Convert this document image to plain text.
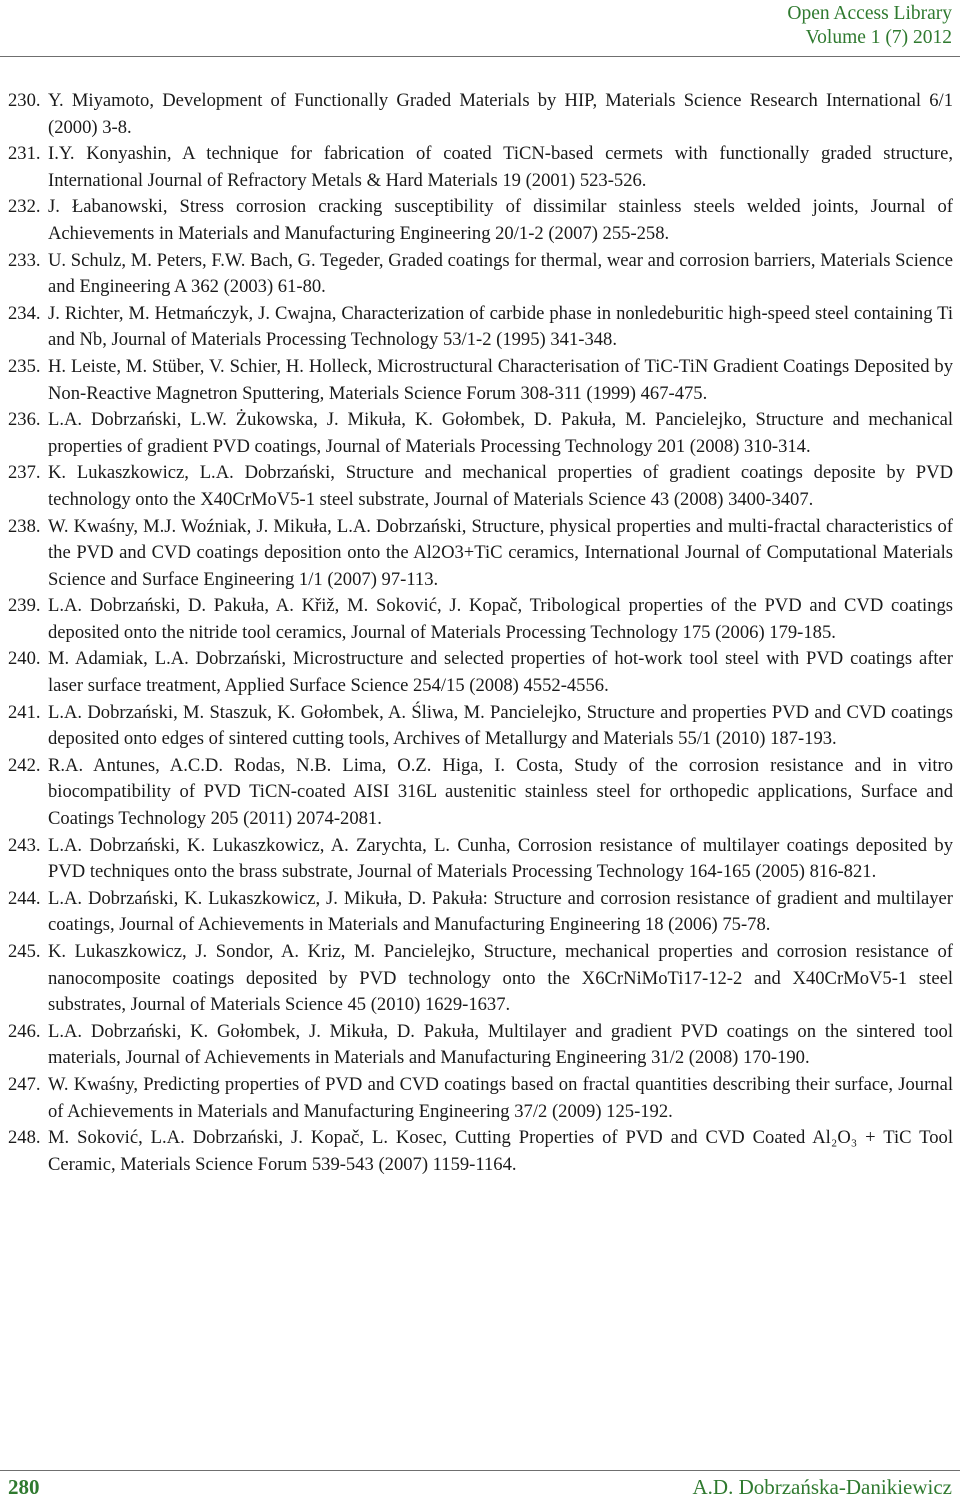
Open Access Library
Volume 1 (7) 2012
230. Y. Miyamoto, Development of Functionally Graded Materials by HIP, Materials Science Research International 6/1 (2000) 3-8.
231. I.Y. Konyashin, A technique for fabrication of coated TiCN-based cermets with functionally graded structure, International Journal of Refractory Metals & Hard Materials 19 (2001) 523-526.
232. J. Łabanowski, Stress corrosion cracking susceptibility of dissimilar stainless steels welded joints, Journal of Achievements in Materials and Manufacturing Engineering 20/1-2 (2007) 255-258.
233. U. Schulz, M. Peters, F.W. Bach, G. Tegeder, Graded coatings for thermal, wear and corrosion barriers, Materials Science and Engineering A 362 (2003) 61-80.
234. J. Richter, M. Hetmańczyk, J. Cwajna, Characterization of carbide phase in nonledeburitic high-speed steel containing Ti and Nb, Journal of Materials Processing Technology 53/1-2 (1995) 341-348.
235. H. Leiste, M. Stüber, V. Schier, H. Holleck, Microstructural Characterisation of TiC-TiN Gradient Coatings Deposited by Non-Reactive Magnetron Sputtering, Materials Science Forum 308-311 (1999) 467-475.
236. L.A. Dobrzański, L.W. Żukowska, J. Mikuła, K. Gołombek, D. Pakuła, M. Pancielejko, Structure and mechanical properties of gradient PVD coatings, Journal of Materials Processing Technology 201 (2008) 310-314.
237. K. Lukaszkowicz, L.A. Dobrzański, Structure and mechanical properties of gradient coatings deposite by PVD technology onto the X40CrMoV5-1 steel substrate, Journal of Materials Science 43 (2008) 3400-3407.
238. W. Kwaśny, M.J. Woźniak, J. Mikuła, L.A. Dobrzański, Structure, physical properties and multi-fractal characteristics of the PVD and CVD coatings deposition onto the Al2O3+TiC ceramics, International Journal of Computational Materials Science and Surface Engineering 1/1 (2007) 97-113.
239. L.A. Dobrzański, D. Pakuła, A. Křiž, M. Soković, J. Kopač, Tribological properties of the PVD and CVD coatings deposited onto the nitride tool ceramics, Journal of Materials Processing Technology 175 (2006) 179-185.
240. M. Adamiak, L.A. Dobrzański, Microstructure and selected properties of hot-work tool steel with PVD coatings after laser surface treatment, Applied Surface Science 254/15 (2008) 4552-4556.
241. L.A. Dobrzański, M. Staszuk, K. Gołombek, A. Śliwa, M. Pancielejko, Structure and properties PVD and CVD coatings deposited onto edges of sintered cutting tools, Archives of Metallurgy and Materials 55/1 (2010) 187-193.
242. R.A. Antunes, A.C.D. Rodas, N.B. Lima, O.Z. Higa, I. Costa, Study of the corrosion resistance and in vitro biocompatibility of PVD TiCN-coated AISI 316L austenitic stainless steel for orthopedic applications, Surface and Coatings Technology 205 (2011) 2074-2081.
243. L.A. Dobrzański, K. Lukaszkowicz, A. Zarychta, L. Cunha, Corrosion resistance of multilayer coatings deposited by PVD techniques onto the brass substrate, Journal of Materials Processing Technology 164-165 (2005) 816-821.
244. L.A. Dobrzański, K. Lukaszkowicz, J. Mikuła, D. Pakuła: Structure and corrosion resistance of gradient and multilayer coatings, Journal of Achievements in Materials and Manufacturing Engineering 18 (2006) 75-78.
245. K. Lukaszkowicz, J. Sondor, A. Kriz, M. Pancielejko, Structure, mechanical properties and corrosion resistance of nanocomposite coatings deposited by PVD technology onto the X6CrNiMoTi17-12-2 and X40CrMoV5-1 steel substrates, Journal of Materials Science 45 (2010) 1629-1637.
246. L.A. Dobrzański, K. Gołombek, J. Mikuła, D. Pakuła, Multilayer and gradient PVD coatings on the sintered tool materials, Journal of Achievements in Materials and Manufacturing Engineering 31/2 (2008) 170-190.
247. W. Kwaśny, Predicting properties of PVD and CVD coatings based on fractal quantities describing their surface, Journal of Achievements in Materials and Manufacturing Engineering 37/2 (2009) 125-192.
248. M. Soković, L.A. Dobrzański, J. Kopač, L. Kosec, Cutting Properties of PVD and CVD Coated Al₂O₃ + TiC Tool Ceramic, Materials Science Forum 539-543 (2007) 1159-1164.
280	A.D. Dobrzańska-Danikiewicz
